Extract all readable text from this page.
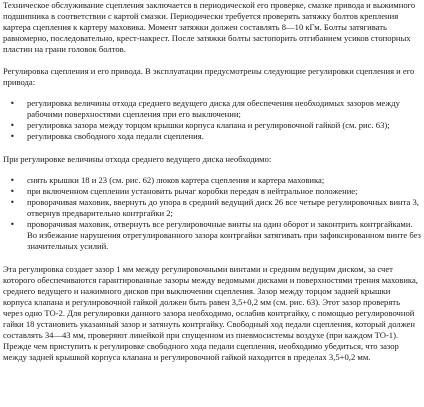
Техническое обслуживание сцепления заключается в периодической его проверке, смазке привода и выжимного подшипника в соответствии с картой смазки. Периодически требуется проверять затяжку болтов крепления картера сцепления к картеру маховика. Момент затяжки должен составлять 8—10 кГм. Болты затягивать равномерно, последовательно, крест-накрест. После затяжки болты застопорить отгибанием усиков стопорных пластин на грани головок болтов.

Регулировка сцепления и его привода. В эксплуатации предусмотрены следующие регулировки сцепления и его привода:

• регулировка величины отхода среднего ведущего диска для обеспечения необходимых зазоров между рабочими поверхностями сцепления при его выключении;
• регулировка зазора между торцом крышки корпуса клапана и регулировочной гайкой (см. рис. 63);
• регулировка свободного хода педали сцепления.

При регулировке величины отхода среднего ведущего диска необходимо:

• снять крышки 18 и 23 (см. рис. 62) люков картера сцепления и картера маховика;
• при включенном сцеплении установить рычаг коробки передач в нейтральное положение;
• проворачивая маховик, ввернуть до упора в средний ведущий диск 26 все четыре регулировочных винта 3, отвернув предварительно контргайки 2;
• проворачивая маховик, отвернуть все регулировочные винты на один оборот и законтрить контргайками. Во избежание нарушения отрегулированного зазора контргайки затягивать при зафиксированном винте без значительных усилий.

Эта регулировка создает зазор 1 мм между регулировочными винтами и средним ведущим диском, за счет которого обеспечиваются гарантированные зазоры между ведомыми дисками и поверхностями трения маховика, среднего ведущего и нажимного дисков при выключении сцепления. Зазор между торцом задней крышки корпуса клапана и регулировочной гайкой должен быть равен 3,5+0,2 мм (см. рис. 63). Этот зазор проверять через одно ТО-2. Для регулировки данного зазора необходимо, ослабив контргайку, с помощью регулировочной гайки 18 установить указанный зазор и затянуть контргайку. Свободный ход педали сцепления, который должен составлять 34—43 мм, проверяют линейкой при спущенном из пневмосистемы воздухе (при каждом ТО-1). Прежде чем приступить к регулировке свободного хода педали сцепления, необходимо убедиться, что зазор между задней крышкой корпуса клапана и регулировочной гайкой находится в пределах 3,5+0,2 мм.
